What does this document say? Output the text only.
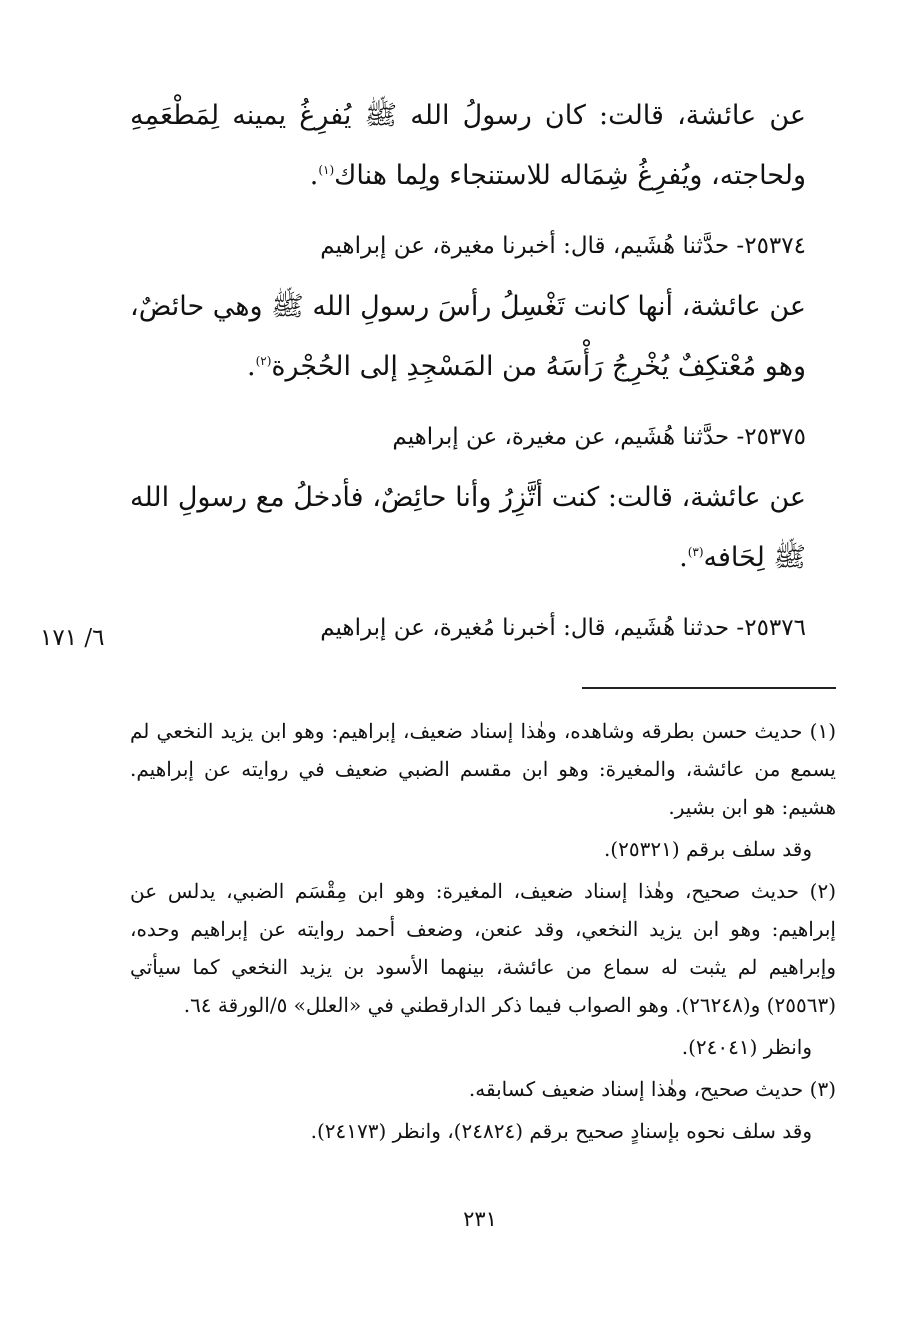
عن عائشة، قالت: كان رسولُ الله ﷺ يُفرِغُ يمينه لِمَطْعَمِهِ ولحاجته، ويُفرِغُ شِمَاله للاستنجاء ولِما هناك$^{(١)}$.

٢٥٣٧٤- حدَّثنا هُشَيم، قال: أخبرنا مغيرة، عن إبراهيم

عن عائشة، أنها كانت تَغْسِلُ رأسَ رسولِ الله ﷺ وهي حائضٌ، وهو مُعْتكِفٌ يُخْرِجُ رَأْسَهُ من المَسْجِدِ إلى الحُجْرة$^{(٢)}$.

٢٥٣٧٥- حدَّثنا هُشَيم، عن مغيرة، عن إبراهيم

عن عائشة، قالت: كنت أتَّزِرُ وأنا حائِضٌ، فأدخلُ مع رسولِ الله ﷺ لِحَافه$^{(٣)}$.

٢٥٣٧٦- حدثنا هُشَيم، قال: أخبرنا مُغيرة، عن إبراهيم

٦/ ١٧١

(١) حديث حسن بطرقه وشاهده، وهٰذا إسناد ضعيف، إبراهيم: وهو ابن يزيد النخعي لم يسمع من عائشة، والمغيرة: وهو ابن مقسم الضبي ضعيف في روايته عن إبراهيم. هشيم: هو ابن بشير.

وقد سلف برقم (٢٥٣٢١).

(٢) حديث صحيح، وهٰذا إسناد ضعيف، المغيرة: وهو ابن مِقْسَم الضبي، يدلس عن إبراهيم: وهو ابن يزيد النخعي، وقد عنعن، وضعف أحمد روايته عن إبراهيم وحده، وإبراهيم لم يثبت له سماع من عائشة، بينهما الأسود بن يزيد النخعي كما سيأتي (٢٥٥٦٣) و(٢٦٢٤٨). وهو الصواب فيما ذكر الدارقطني في «العلل» ٥/الورقة ٦٤.

وانظر (٢٤٠٤١).

(٣) حديث صحيح، وهٰذا إسناد ضعيف كسابقه.

وقد سلف نحوه بإسنادٍ صحيح برقم (٢٤٨٢٤)، وانظر (٢٤١٧٣).

٢٣١
